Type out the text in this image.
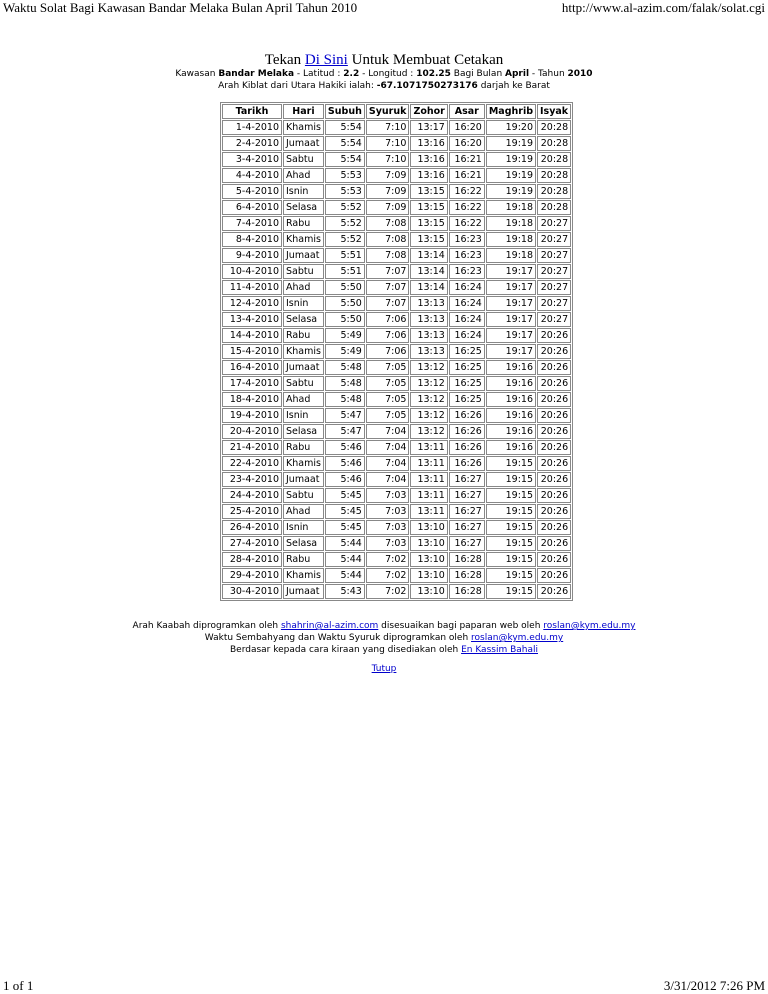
Waktu Solat Bagi Kawasan Bandar Melaka Bulan April Tahun 2010	http://www.al-azim.com/falak/solat.cgi
Tekan Di Sini Untuk Membuat Cetakan
Kawasan Bandar Melaka - Latitud : 2.2 - Longitud : 102.25 Bagi Bulan April - Tahun 2010
Arah Kiblat dari Utara Hakiki ialah: -67.1071750273176 darjah ke Barat
Tarikh	Hari	Subuh	Syuruk	Zohor	Asar	Maghrib	Isyak
1-4-2010	Khamis	5:54	7:10	13:17	16:20	19:20	20:28
2-4-2010	Jumaat	5:54	7:10	13:16	16:20	19:19	20:28
3-4-2010	Sabtu	5:54	7:10	13:16	16:21	19:19	20:28
4-4-2010	Ahad	5:53	7:09	13:16	16:21	19:19	20:28
5-4-2010	Isnin	5:53	7:09	13:15	16:22	19:19	20:28
6-4-2010	Selasa	5:52	7:09	13:15	16:22	19:18	20:28
7-4-2010	Rabu	5:52	7:08	13:15	16:22	19:18	20:27
8-4-2010	Khamis	5:52	7:08	13:15	16:23	19:18	20:27
9-4-2010	Jumaat	5:51	7:08	13:14	16:23	19:18	20:27
10-4-2010	Sabtu	5:51	7:07	13:14	16:23	19:17	20:27
11-4-2010	Ahad	5:50	7:07	13:14	16:24	19:17	20:27
12-4-2010	Isnin	5:50	7:07	13:13	16:24	19:17	20:27
13-4-2010	Selasa	5:50	7:06	13:13	16:24	19:17	20:27
14-4-2010	Rabu	5:49	7:06	13:13	16:24	19:17	20:26
15-4-2010	Khamis	5:49	7:06	13:13	16:25	19:17	20:26
16-4-2010	Jumaat	5:48	7:05	13:12	16:25	19:16	20:26
17-4-2010	Sabtu	5:48	7:05	13:12	16:25	19:16	20:26
18-4-2010	Ahad	5:48	7:05	13:12	16:25	19:16	20:26
19-4-2010	Isnin	5:47	7:05	13:12	16:26	19:16	20:26
20-4-2010	Selasa	5:47	7:04	13:12	16:26	19:16	20:26
21-4-2010	Rabu	5:46	7:04	13:11	16:26	19:16	20:26
22-4-2010	Khamis	5:46	7:04	13:11	16:26	19:15	20:26
23-4-2010	Jumaat	5:46	7:04	13:11	16:27	19:15	20:26
24-4-2010	Sabtu	5:45	7:03	13:11	16:27	19:15	20:26
25-4-2010	Ahad	5:45	7:03	13:11	16:27	19:15	20:26
26-4-2010	Isnin	5:45	7:03	13:10	16:27	19:15	20:26
27-4-2010	Selasa	5:44	7:03	13:10	16:27	19:15	20:26
28-4-2010	Rabu	5:44	7:02	13:10	16:28	19:15	20:26
29-4-2010	Khamis	5:44	7:02	13:10	16:28	19:15	20:26
30-4-2010	Jumaat	5:43	7:02	13:10	16:28	19:15	20:26
Arah Kaabah diprogramkan oleh shahrin@al-azim.com disesuaikan bagi paparan web oleh roslan@kym.edu.my
Waktu Sembahyang dan Waktu Syuruk diprogramkan oleh roslan@kym.edu.my
Berdasar kepada cara kiraan yang disediakan oleh En Kassim Bahali
Tutup
1 of 1	3/31/2012 7:26 PM
